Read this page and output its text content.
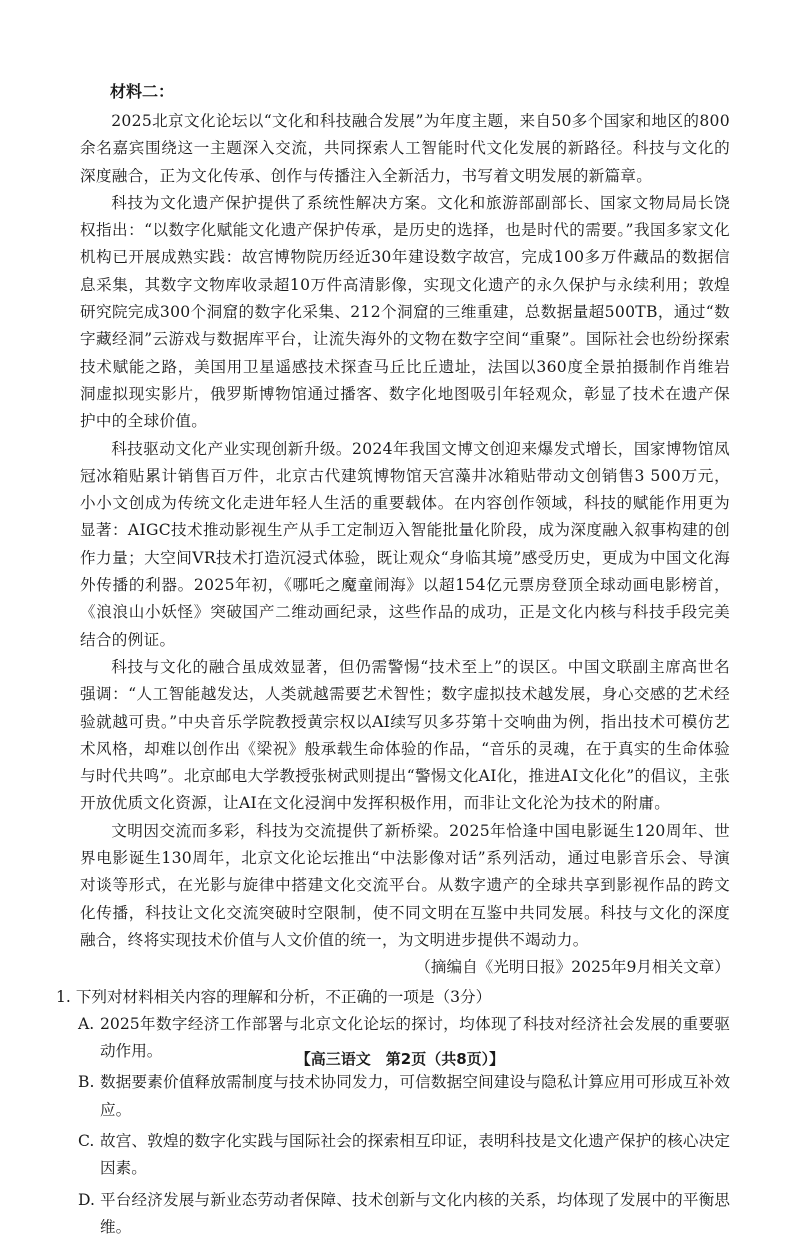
材料二：

2025北京文化论坛以“文化和科技融合发展”为年度主题，来自50多个国家和地区的800余名嘉宾围绕这一主题深入交流，共同探索人工智能时代文化发展的新路径。科技与文化的深度融合，正为文化传承、创作与传播注入全新活力，书写着文明发展的新篇章。

科技为文化遗产保护提供了系统性解决方案。文化和旅游部副部长、国家文物局局长饶权指出：“以数字化赋能文化遗产保护传承，是历史的选择，也是时代的需要。”我国多家文化机构已开展成熟实践：故宫博物院历经近30年建设数字故宫，完成100多万件藏品的数据信息采集，其数字文物库收录超10万件高清影像，实现文化遗产的永久保护与永续利用；敦煌研究院完成300个洞窟的数字化采集、212个洞窟的三维重建，总数据量超500TB，通过“数字藏经洞”云游戏与数据库平台，让流失海外的文物在数字空间“重聚”。国际社会也纷纷探索技术赋能之路，美国用卫星遥感技术探查马丘比丘遗址，法国以360度全景拍摄制作肖维岩洞虚拟现实影片，俄罗斯博物馆通过播客、数字化地图吸引年轻观众，彰显了技术在遗产保护中的全球价值。

科技驱动文化产业实现创新升级。2024年我国文博文创迎来爆发式增长，国家博物馆凤冠冰箱贴累计销售百万件，北京古代建筑博物馆天宫藻井冰箱贴带动文创销售3 500万元，小小文创成为传统文化走进年轻人生活的重要载体。在内容创作领域，科技的赋能作用更为显著：AIGC技术推动影视生产从手工定制迈入智能批量化阶段，成为深度融入叙事构建的创作力量；大空间VR技术打造沉浸式体验，既让观众“身临其境”感受历史，更成为中国文化海外传播的利器。2025年初，《哪吒之魔童闹海》以超154亿元票房登顶全球动画电影榜首，《浪浪山小妖怪》突破国产二维动画纪录，这些作品的成功，正是文化内核与科技手段完美结合的例证。

科技与文化的融合虽成效显著，但仍需警惕“技术至上”的误区。中国文联副主席高世名强调：“人工智能越发达，人类就越需要艺术智性；数字虚拟技术越发展，身心交感的艺术经验就越可贵。”中央音乐学院教授黄宗权以AI续写贝多芬第十交响曲为例，指出技术可模仿艺术风格，却难以创作出《梁祝》般承载生命体验的作品，“音乐的灵魂，在于真实的生命体验与时代共鸣”。北京邮电大学教授张树武则提出“警惕文化AI化，推进AI文化化”的倡议，主张开放优质文化资源，让AI在文化浸润中发挥积极作用，而非让文化沦为技术的附庸。

文明因交流而多彩，科技为交流提供了新桥梁。2025年恰逢中国电影诞生120周年、世界电影诞生130周年，北京文化论坛推出“中法影像对话”系列活动，通过电影音乐会、导演对谈等形式，在光影与旋律中搭建文化交流平台。从数字遗产的全球共享到影视作品的跨文化传播，科技让文化交流突破时空限制，使不同文明在互鉴中共同发展。科技与文化的深度融合，终将实现技术价值与人文价值的统一，为文明进步提供不竭动力。

（摘编自《光明日报》2025年9月相关文章）

1. 下列对材料相关内容的理解和分析，不正确的一项是（3分）

A. 2025年数字经济工作部署与北京文化论坛的探讨，均体现了科技对经济社会发展的重要驱动作用。
B. 数据要素价值释放需制度与技术协同发力，可信数据空间建设与隐私计算应用可形成互补效应。
C. 故宫、敦煌的数字化实践与国际社会的探索相互印证，表明科技是文化遗产保护的核心决定因素。
D. 平台经济发展与新业态劳动者保障、技术创新与文化内核的关系，均体现了发展中的平衡思维。
【高三语文　第2页（共8页）】
